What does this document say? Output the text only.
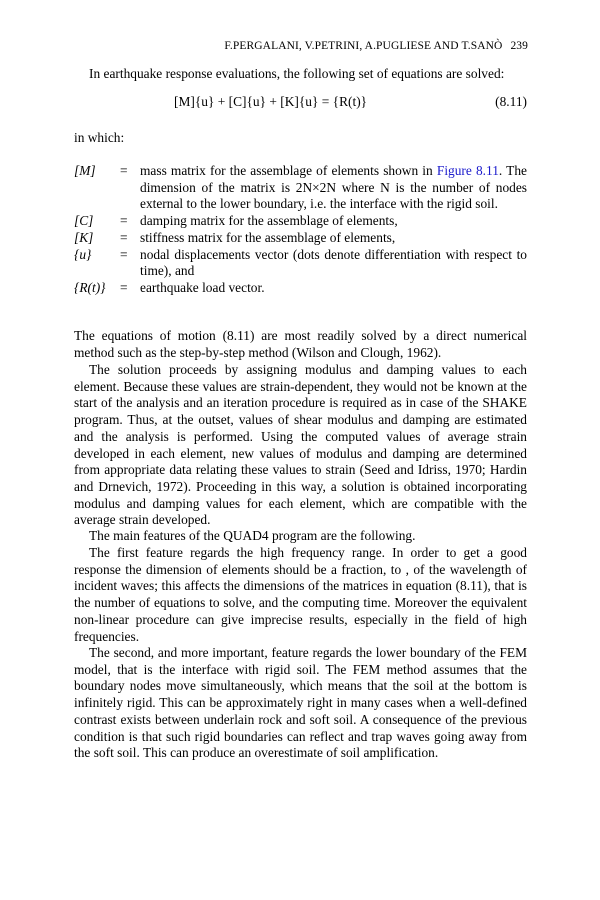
F.PERGALANI, V.PETRINI, A.PUGLIESE AND T.SANÒ 239

In earthquake response evaluations, the following set of equations are solved:

[M]{u} + [C]{u} + [K]{u} = {R(t)}	(8.11)

in which:

[M] = mass matrix for the assemblage of elements shown in Figure 8.11. The dimension of the matrix is 2N×2N where N is the number of nodes external to the lower boundary, i.e. the interface with the rigid soil.
[C] = damping matrix for the assemblage of elements,
[K] = stiffness matrix for the assemblage of elements,
{u} = nodal displacements vector (dots denote differentiation with respect to time), and
{R(t)} = earthquake load vector.

The equations of motion (8.11) are most readily solved by a direct numerical method such as the step-by-step method (Wilson and Clough, 1962).

The solution proceeds by assigning modulus and damping values to each element. Because these values are strain-dependent, they would not be known at the start of the analysis and an iteration procedure is required as in case of the SHAKE program. Thus, at the outset, values of shear modulus and damping are estimated and the analysis is performed. Using the computed values of average strain developed in each element, new values of modulus and damping are determined from appropriate data relating these values to strain (Seed and Idriss, 1970; Hardin and Drnevich, 1972). Proceeding in this way, a solution is obtained incorporating modulus and damping values for each element, which are compatible with the average strain developed.

The main features of the QUAD4 program are the following.

The first feature regards the high frequency range. In order to get a good response the dimension of elements should be a fraction, to , of the wavelength of incident waves; this affects the dimensions of the matrices in equation (8.11), that is the number of equations to solve, and the computing time. Moreover the equivalent non-linear procedure can give imprecise results, especially in the field of high frequencies.

The second, and more important, feature regards the lower boundary of the FEM model, that is the interface with rigid soil. The FEM method assumes that the boundary nodes move simultaneously, which means that the soil at the bottom is infinitely rigid. This can be approximately right in many cases when a well-defined contrast exists between underlain rock and soft soil. A consequence of the previous condition is that such rigid boundaries can reflect and trap waves going away from the soft soil. This can produce an overestimate of soil amplification.
